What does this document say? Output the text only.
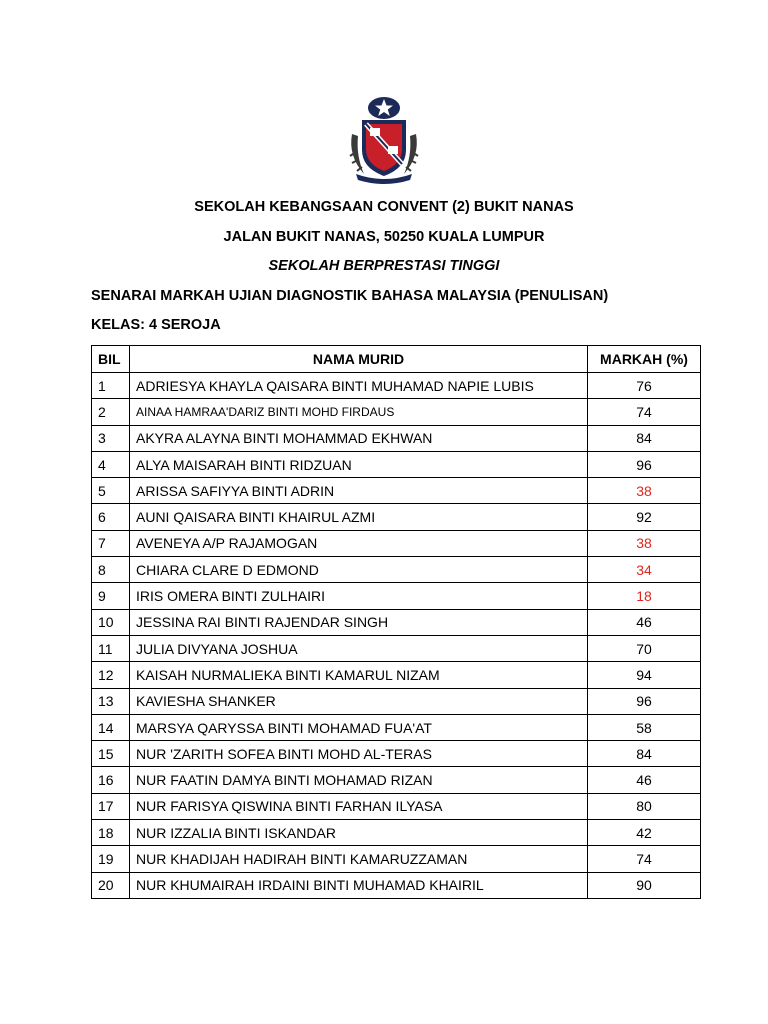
SEKOLAH KEBANGSAAN CONVENT (2) BUKIT NANAS
JALAN BUKIT NANAS, 50250 KUALA LUMPUR
SEKOLAH BERPRESTASI TINGGI
SENARAI MARKAH UJIAN DIAGNOSTIK BAHASA MALAYSIA (PENULISAN)
KELAS: 4 SEROJA
BIL	NAMA MURID	MARKAH (%)
1	ADRIESYA KHAYLA QAISARA BINTI MUHAMAD NAPIE LUBIS	76
2	AINAA HAMRAA'DARIZ BINTI MOHD FIRDAUS	74
3	AKYRA ALAYNA BINTI MOHAMMAD EKHWAN	84
4	ALYA MAISARAH BINTI RIDZUAN	96
5	ARISSA SAFIYYA BINTI ADRIN	38
6	AUNI QAISARA BINTI KHAIRUL AZMI	92
7	AVENEYA A/P RAJAMOGAN	38
8	CHIARA CLARE D EDMOND	34
9	IRIS OMERA BINTI ZULHAIRI	18
10	JESSINA RAI BINTI RAJENDAR SINGH	46
11	JULIA DIVYANA JOSHUA	70
12	KAISAH NURMALIEKA BINTI KAMARUL NIZAM	94
13	KAVIESHA SHANKER	96
14	MARSYA QARYSSA BINTI MOHAMAD FUA'AT	58
15	NUR 'ZARITH SOFEA BINTI MOHD AL-TERAS	84
16	NUR FAATIN DAMYA BINTI MOHAMAD RIZAN	46
17	NUR FARISYA QISWINA BINTI FARHAN ILYASA	80
18	NUR IZZALIA BINTI ISKANDAR	42
19	NUR KHADIJAH HADIRAH BINTI KAMARUZZAMAN	74
20	NUR KHUMAIRAH IRDAINI BINTI MUHAMAD KHAIRIL	90
